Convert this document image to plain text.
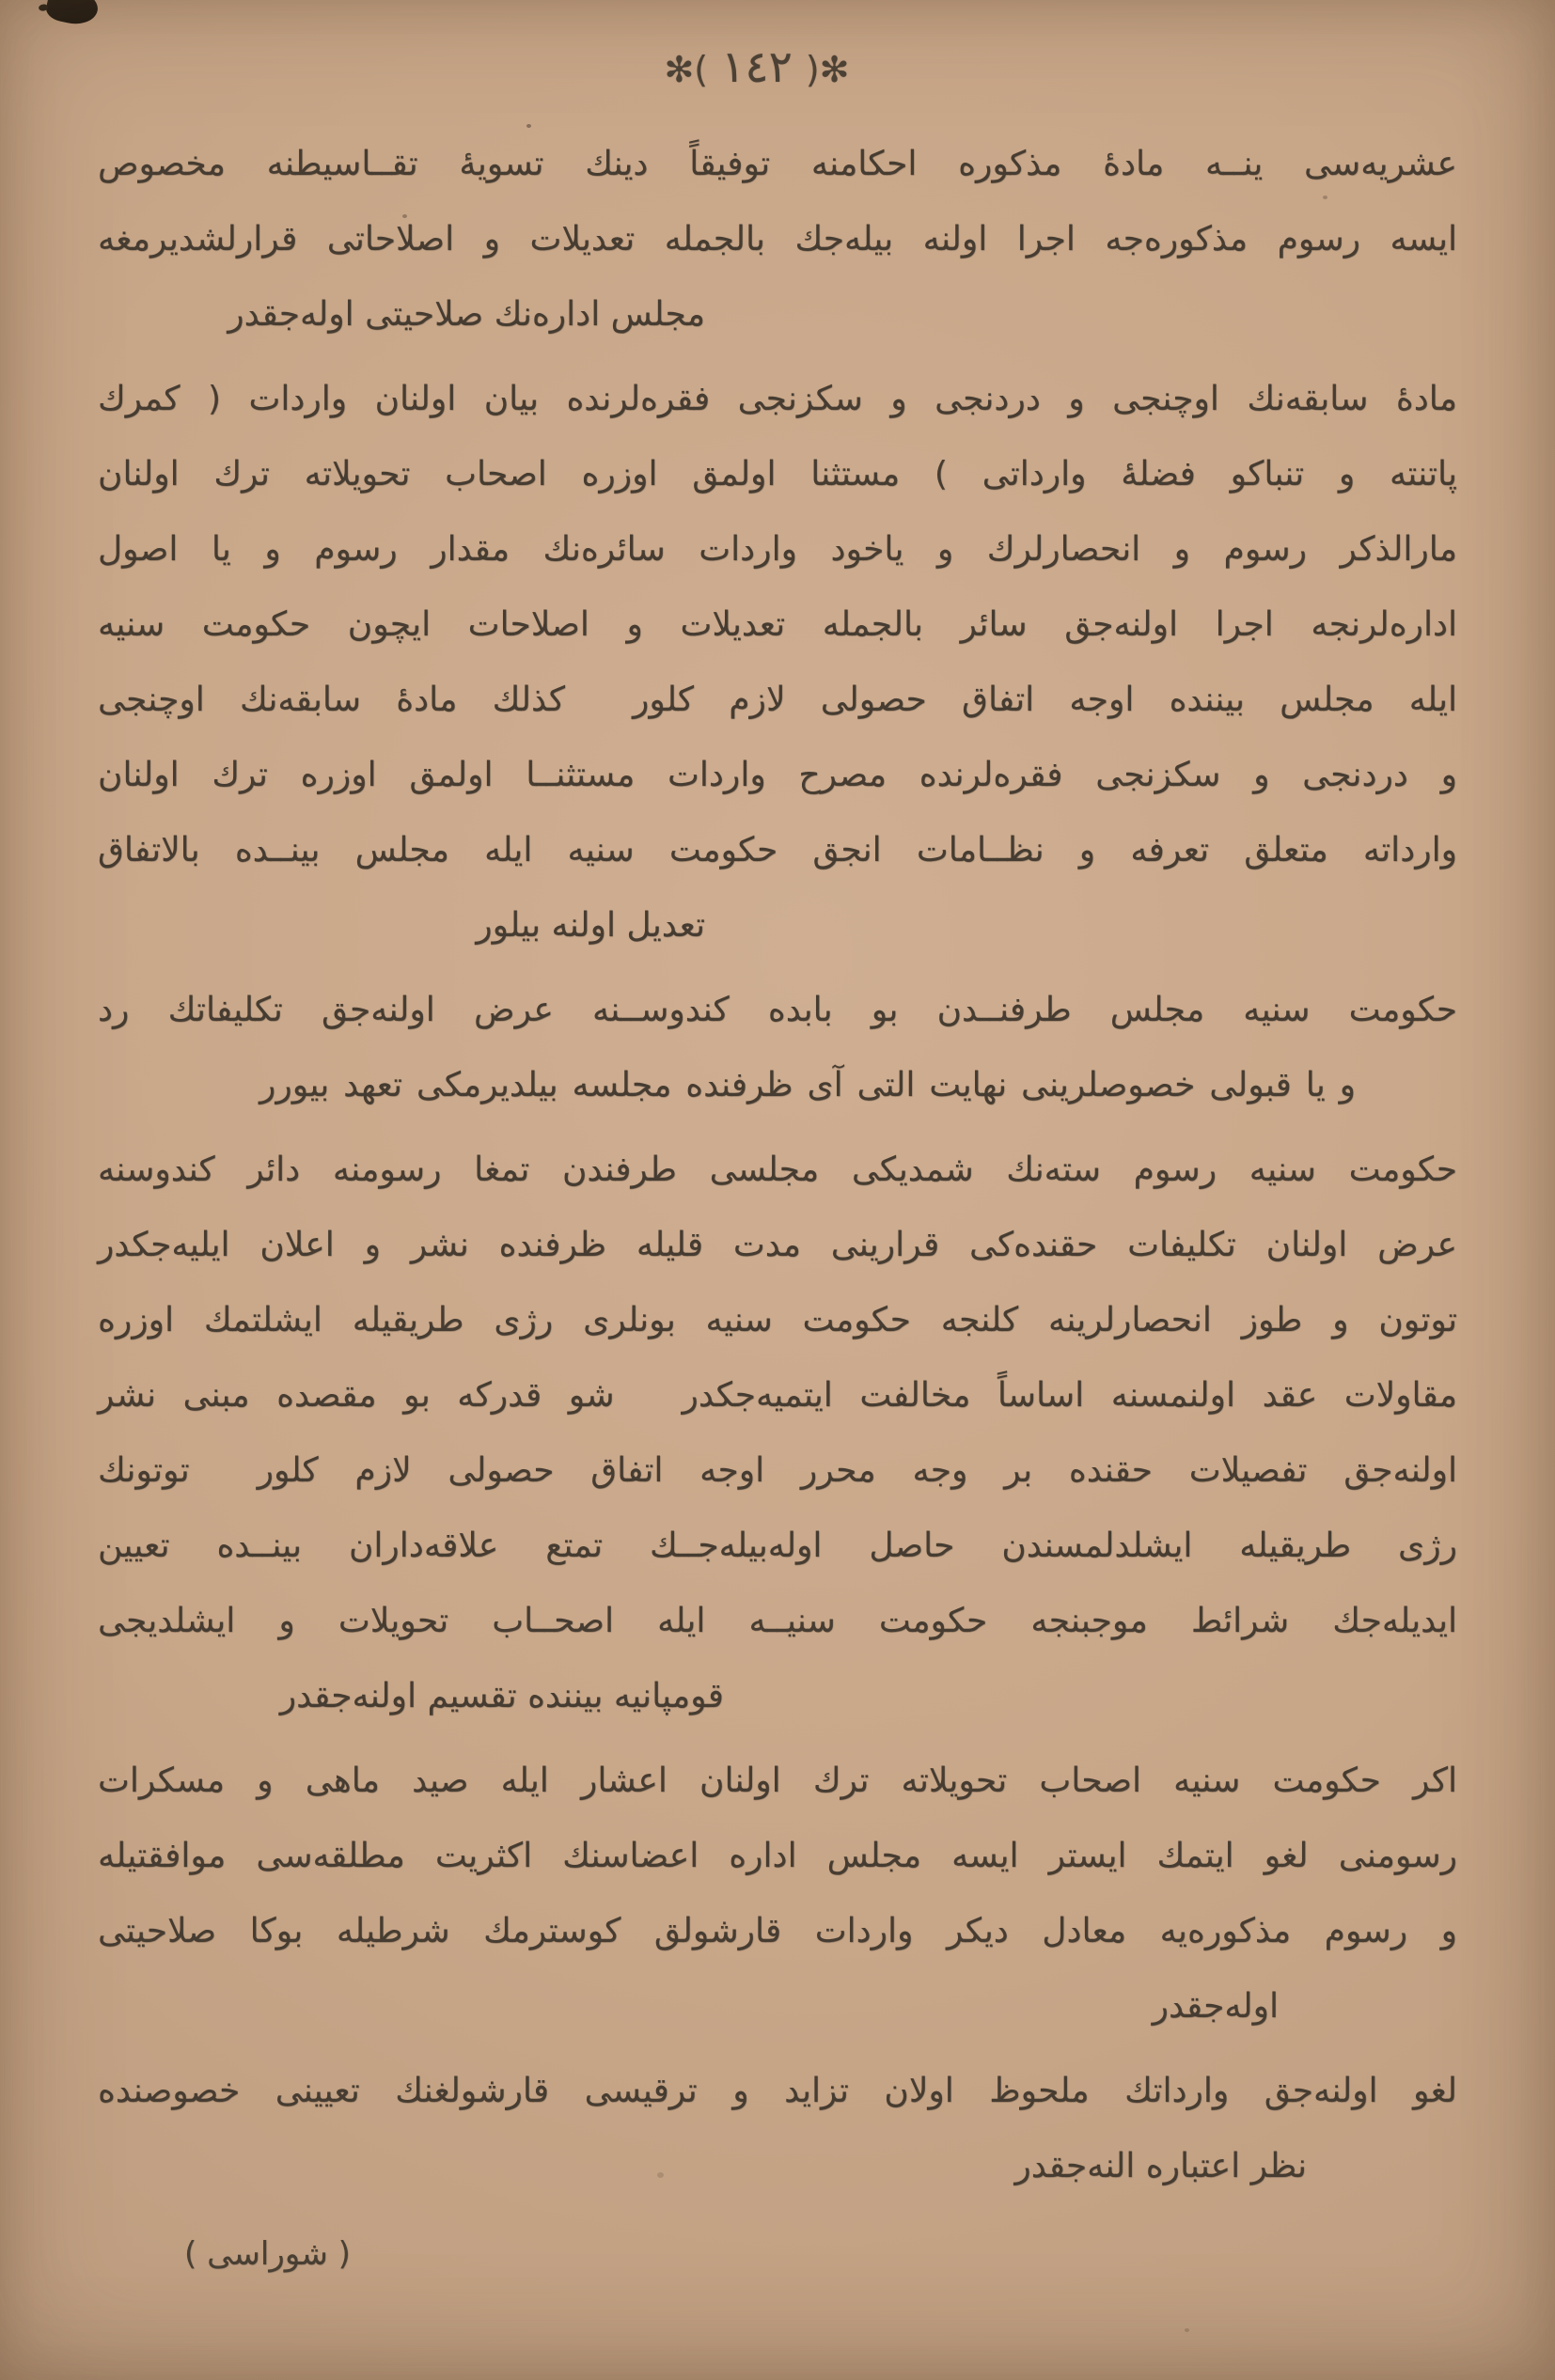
✻( ١٤٢ )✻
عشریه‌سی ینــه مادهٔ مذكوره احكامنه توفیقاً دینك تسویهٔ تقــاسیطنه مخصوص
ایسه رسوم مذكوره‌جه اجرا اولنه بیله‌جك بالجمله تعدیلات و اصلاحاتی قرارلشدیرمغه
مجلس اداره‌نك صلاحیتی اوله‌جقدر
مادهٔ سابقه‌نك اوچنجی و دردنجی و سكزنجی فقره‌لرنده بیان اولنان واردات ( كمرك
پاتنته و تنباكو فضلهٔ وارداتی ) مستثنا اولمق اوزره اصحاب تحویلاته ترك اولنان
مارالذكر رسوم و انحصارلرك و یاخود واردات سائره‌نك مقدار رسوم و یا اصول
اداره‌لرنجه اجرا اولنه‌جق سائر بالجمله تعدیلات و اصلاحات ایچون حكومت سنیه
ایله مجلس بیننده اوجه اتفاق حصولی لازم كلور  كذلك مادهٔ سابقه‌نك اوچنجی
و دردنجی و سكزنجی فقره‌لرنده مصرح واردات مستثنــا اولمق اوزره ترك اولنان
وارداته متعلق تعرفه و نظــامات انجق حكومت سنیه ایله مجلس بینــده بالاتفاق
تعدیل اولنه بیلور
حكومت سنیه مجلس طرفنــدن بو بابده كندوســنه عرض اولنه‌جق تكلیفاتك رد
و یا قبولی خصوصلرینی نهایت التی آی ظرفنده مجلسه بیلدیرمكی تعهد بیورر
حكومت سنیه رسوم سته‌نك شمدیكی مجلسی طرفندن تمغا رسومنه دائر كندوسنه
عرض اولنان تكلیفات حقنده‌كی قرارینی مدت قلیله ظرفنده نشر و اعلان ایلیه‌جكدر
توتون و طوز انحصارلرینه كلنجه حكومت سنیه بونلری رژی طریقیله ایشلتمك اوزره
مقاولات عقد اولنمسنه اساساً مخالفت ایتمیه‌جكدر  شو قدركه بو مقصده مبنی نشر
اولنه‌جق تفصیلات حقنده بر وجه محرر اوجه اتفاق حصولی لازم كلور  توتونك
رژی طریقیله ایشلدلمسندن حاصل اوله‌بیله‌جــك تمتع علاقه‌داران بینــده تعیین
ایدیله‌جك شرائط موجبنجه حكومت سنیــه ایله اصحــاب تحویلات و ایشلدیجی
قومپانیه بیننده تقسیم اولنه‌جقدر
اكر حكومت سنیه اصحاب تحویلاته ترك اولنان اعشار ایله صید ماهی و مسكرات
رسومنی لغو ایتمك ایستر ایسه مجلس اداره اعضاسنك اكثریت مطلقه‌سی موافقتیله
و رسوم مذكوره‌یه معادل دیكر واردات قارشولق كوسترمك شرطیله بوكا صلاحیتی
اوله‌جقدر
لغو اولنه‌جق وارداتك ملحوظ اولان تزاید و ترقیسی قارشولغنك تعیینی خصوصنده
نظر اعتباره النه‌جقدر
( شوراسی )
